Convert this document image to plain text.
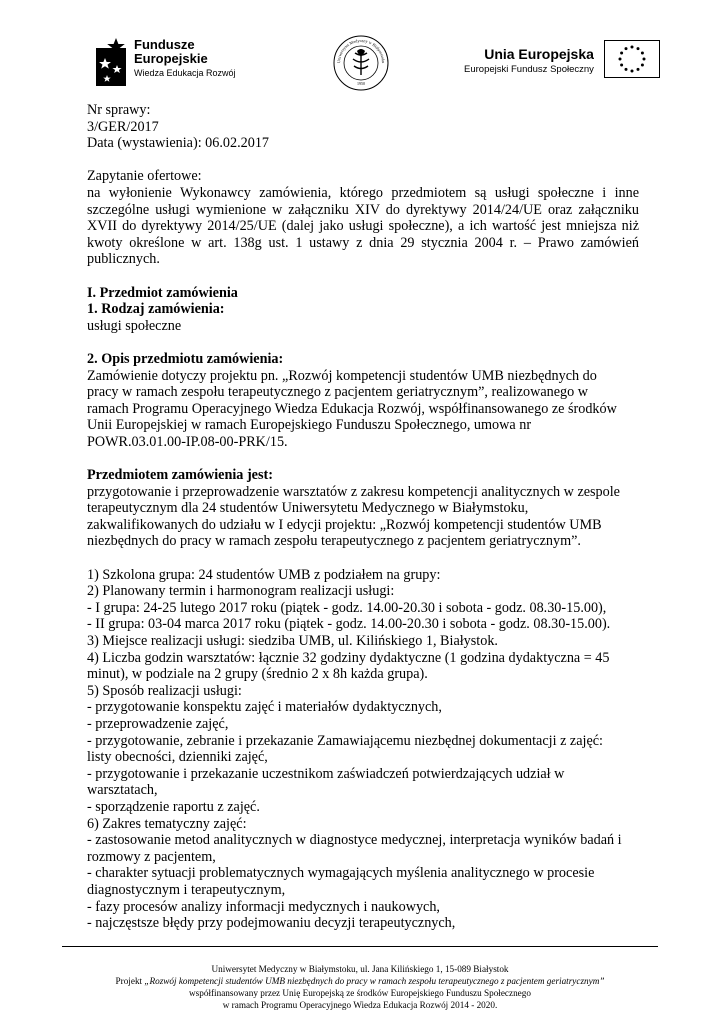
Fundusze
Europejskie
Wiedza Edukacja Rozwój
Uniwersytet Medyczny w Białymstoku
1950
Unia Europejska
Europejski Fundusz Społeczny

Nr sprawy:

3/GER/2017

Data (wystawienia): 06.02.2017

Zapytanie ofertowe:

na wyłonienie Wykonawcy zamówienia, którego przedmiotem są usługi społeczne i inne szczególne usługi wymienione w załączniku XIV do dyrektywy 2014/24/UE oraz załączniku XVII do dyrektywy 2014/25/UE (dalej jako usługi społeczne), a ich wartość jest mniejsza niż kwoty określone w art. 138g ust. 1 ustawy z dnia 29 stycznia 2004 r. – Prawo zamówień publicznych.

I. Przedmiot zamówienia

1. Rodzaj zamówienia:

usługi społeczne

2. Opis przedmiotu zamówienia:

Zamówienie dotyczy projektu pn. „Rozwój kompetencji studentów UMB niezbędnych do

pracy w ramach zespołu terapeutycznego z pacjentem geriatrycznym”, realizowanego w

ramach Programu Operacyjnego Wiedza Edukacja Rozwój, współfinansowanego ze środków

Unii Europejskiej w ramach Europejskiego Funduszu Społecznego, umowa nr

POWR.03.01.00-IP.08-00-PRK/15.

Przedmiotem zamówienia jest:

przygotowanie i przeprowadzenie warsztatów z zakresu kompetencji analitycznych w zespole

terapeutycznym dla 24 studentów Uniwersytetu Medycznego w Białymstoku,

zakwalifikowanych do udziału w I edycji projektu: „Rozwój kompetencji studentów UMB

niezbędnych do pracy w ramach zespołu terapeutycznego z pacjentem geriatrycznym”.

1) Szkolona grupa: 24 studentów UMB z podziałem na grupy:

2) Planowany termin i harmonogram realizacji usługi:

- I grupa: 24-25 lutego 2017 roku (piątek - godz. 14.00-20.30 i sobota - godz. 08.30-15.00),

- II grupa: 03-04 marca 2017 roku (piątek - godz. 14.00-20.30 i sobota - godz. 08.30-15.00).

3) Miejsce realizacji usługi: siedziba UMB, ul. Kilińskiego 1, Białystok.

4) Liczba godzin warsztatów: łącznie 32 godziny dydaktyczne (1 godzina dydaktyczna = 45

minut), w podziale na 2 grupy (średnio 2 x 8h każda grupa).

5) Sposób realizacji usługi:

- przygotowanie konspektu zajęć i materiałów dydaktycznych,

- przeprowadzenie zajęć,

- przygotowanie, zebranie i przekazanie Zamawiającemu niezbędnej dokumentacji z zajęć:

listy obecności, dzienniki zajęć,

- przygotowanie i przekazanie uczestnikom zaświadczeń potwierdzających udział w

warsztatach,

- sporządzenie raportu z zajęć.

6) Zakres tematyczny zajęć:

- zastosowanie metod analitycznych w diagnostyce medycznej, interpretacja wyników badań i

rozmowy z pacjentem,

- charakter sytuacji problematycznych wymagających myślenia analitycznego w procesie

diagnostycznym i terapeutycznym,

- fazy procesów analizy informacji medycznych i naukowych,

- najczęstsze błędy przy podejmowaniu decyzji terapeutycznych,

Uniwersytet Medyczny w Białymstoku, ul. Jana Kilińskiego 1, 15-089 Białystok
Projekt „Rozwój kompetencji studentów UMB niezbędnych do pracy w ramach zespołu terapeutycznego z pacjentem geriatrycznym”
współfinansowany przez Unię Europejską ze środków Europejskiego Funduszu Społecznego
w ramach Programu Operacyjnego Wiedza Edukacja Rozwój 2014 - 2020.
